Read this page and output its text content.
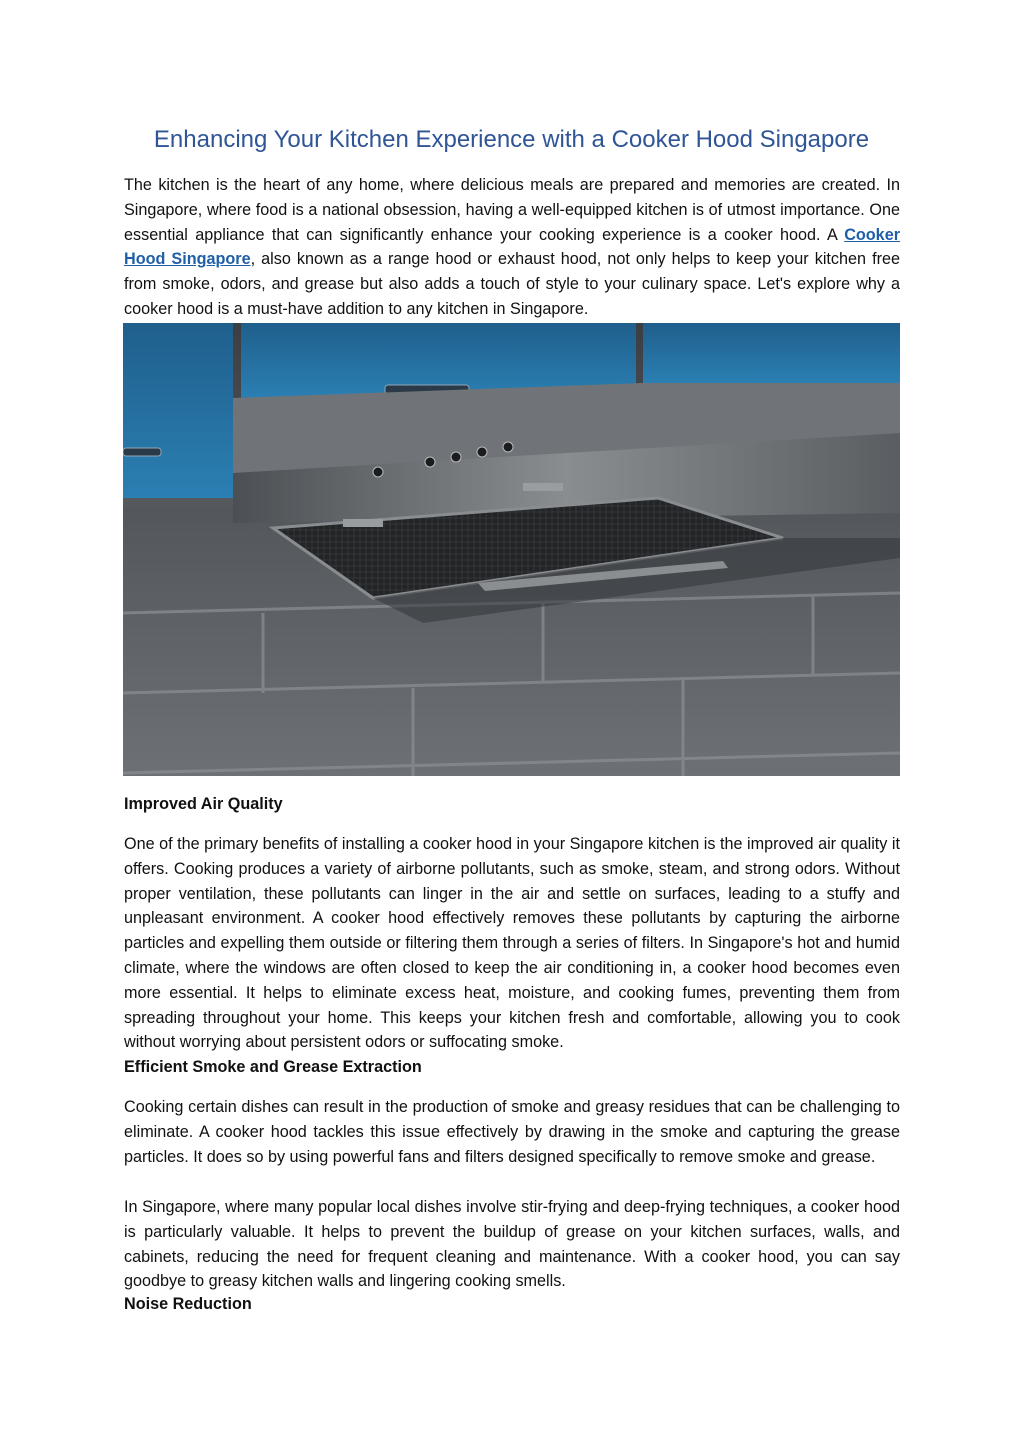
Enhancing Your Kitchen Experience with a Cooker Hood Singapore

The kitchen is the heart of any home, where delicious meals are prepared and memories are created. In Singapore, where food is a national obsession, having a well-equipped kitchen is of utmost importance. One essential appliance that can significantly enhance your cooking experience is a cooker hood. A Cooker Hood Singapore, also known as a range hood or exhaust hood, not only helps to keep your kitchen free from smoke, odors, and grease but also adds a touch of style to your culinary space. Let's explore why a cooker hood is a must-have addition to any kitchen in Singapore.

Improved Air Quality

One of the primary benefits of installing a cooker hood in your Singapore kitchen is the improved air quality it offers. Cooking produces a variety of airborne pollutants, such as smoke, steam, and strong odors. Without proper ventilation, these pollutants can linger in the air and settle on surfaces, leading to a stuffy and unpleasant environment. A cooker hood effectively removes these pollutants by capturing the airborne particles and expelling them outside or filtering them through a series of filters. In Singapore's hot and humid climate, where the windows are often closed to keep the air conditioning in, a cooker hood becomes even more essential. It helps to eliminate excess heat, moisture, and cooking fumes, preventing them from spreading throughout your home. This keeps your kitchen fresh and comfortable, allowing you to cook without worrying about persistent odors or suffocating smoke.

Efficient Smoke and Grease Extraction

Cooking certain dishes can result in the production of smoke and greasy residues that can be challenging to eliminate. A cooker hood tackles this issue effectively by drawing in the smoke and capturing the grease particles. It does so by using powerful fans and filters designed specifically to remove smoke and grease.

In Singapore, where many popular local dishes involve stir-frying and deep-frying techniques, a cooker hood is particularly valuable. It helps to prevent the buildup of grease on your kitchen surfaces, walls, and cabinets, reducing the need for frequent cleaning and maintenance. With a cooker hood, you can say goodbye to greasy kitchen walls and lingering cooking smells.

Noise Reduction
